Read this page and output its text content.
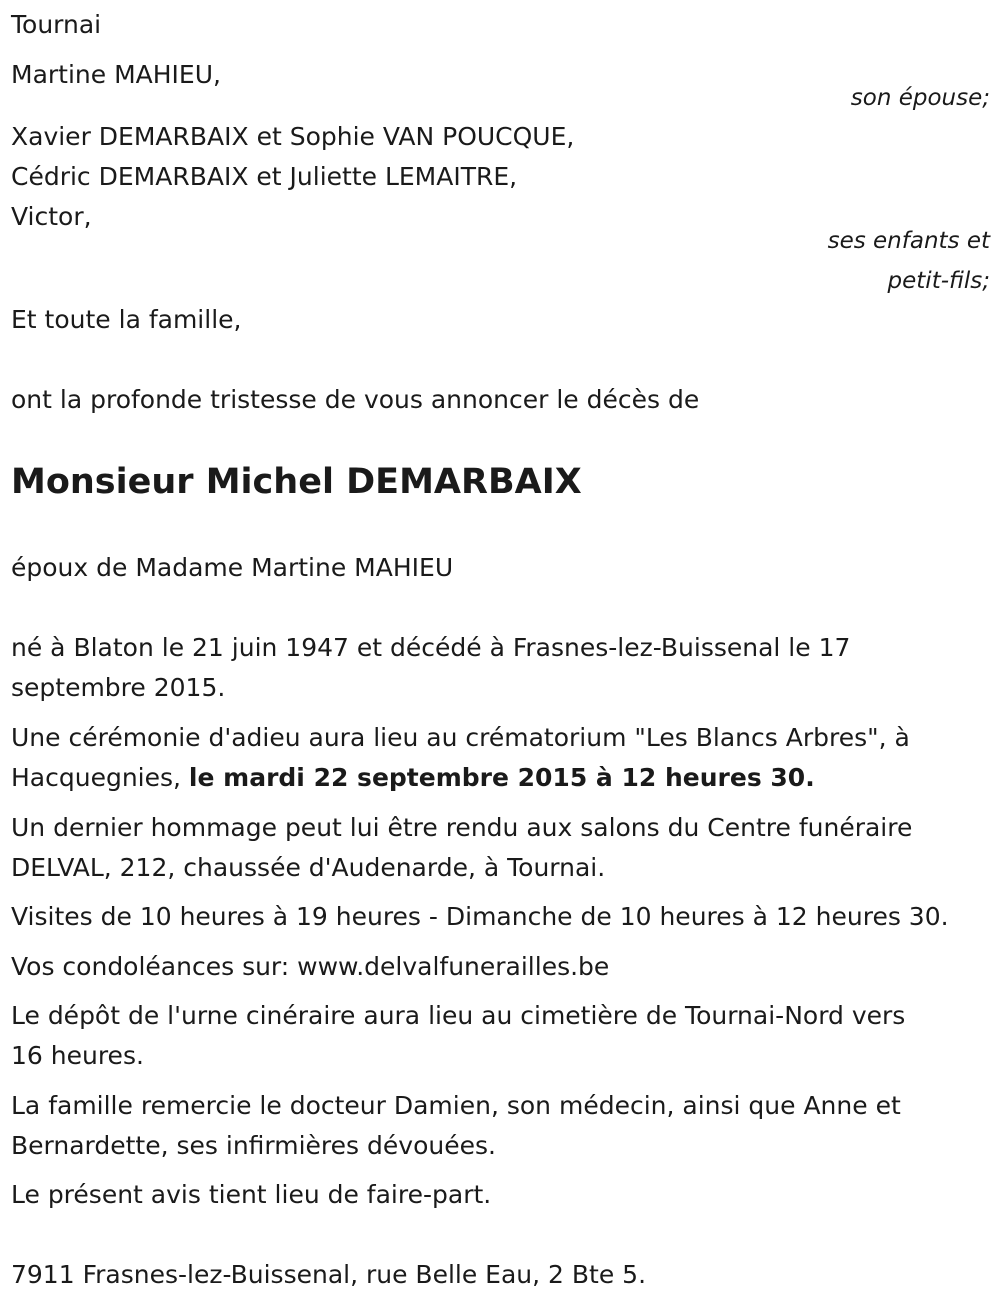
Tournai
Martine MAHIEU,
son épouse;
Xavier DEMARBAIX et Sophie VAN POUCQUE,
Cédric DEMARBAIX et Juliette LEMAITRE,
Victor,
ses enfants et
petit-fils;
Et toute la famille,
ont la profonde tristesse de vous annoncer le décès de
Monsieur Michel DEMARBAIX
époux de Madame Martine MAHIEU
né à Blaton le 21 juin 1947 et décédé à Frasnes-lez-Buissenal le 17
septembre 2015.
Une cérémonie d'adieu aura lieu au crématorium "Les Blancs Arbres", à
Hacquegnies, le mardi 22 septembre 2015 à 12 heures 30.
Un dernier hommage peut lui être rendu aux salons du Centre funéraire
DELVAL, 212, chaussée d'Audenarde, à Tournai.
Visites de 10 heures à 19 heures - Dimanche de 10 heures à 12 heures 30.
Vos condoléances sur: www.delvalfunerailles.be
Le dépôt de l'urne cinéraire aura lieu au cimetière de Tournai-Nord vers
16 heures.
La famille remercie le docteur Damien, son médecin, ainsi que Anne et
Bernardette, ses infirmières dévouées.
Le présent avis tient lieu de faire-part.
7911 Frasnes-lez-Buissenal, rue Belle Eau, 2 Bte 5.
